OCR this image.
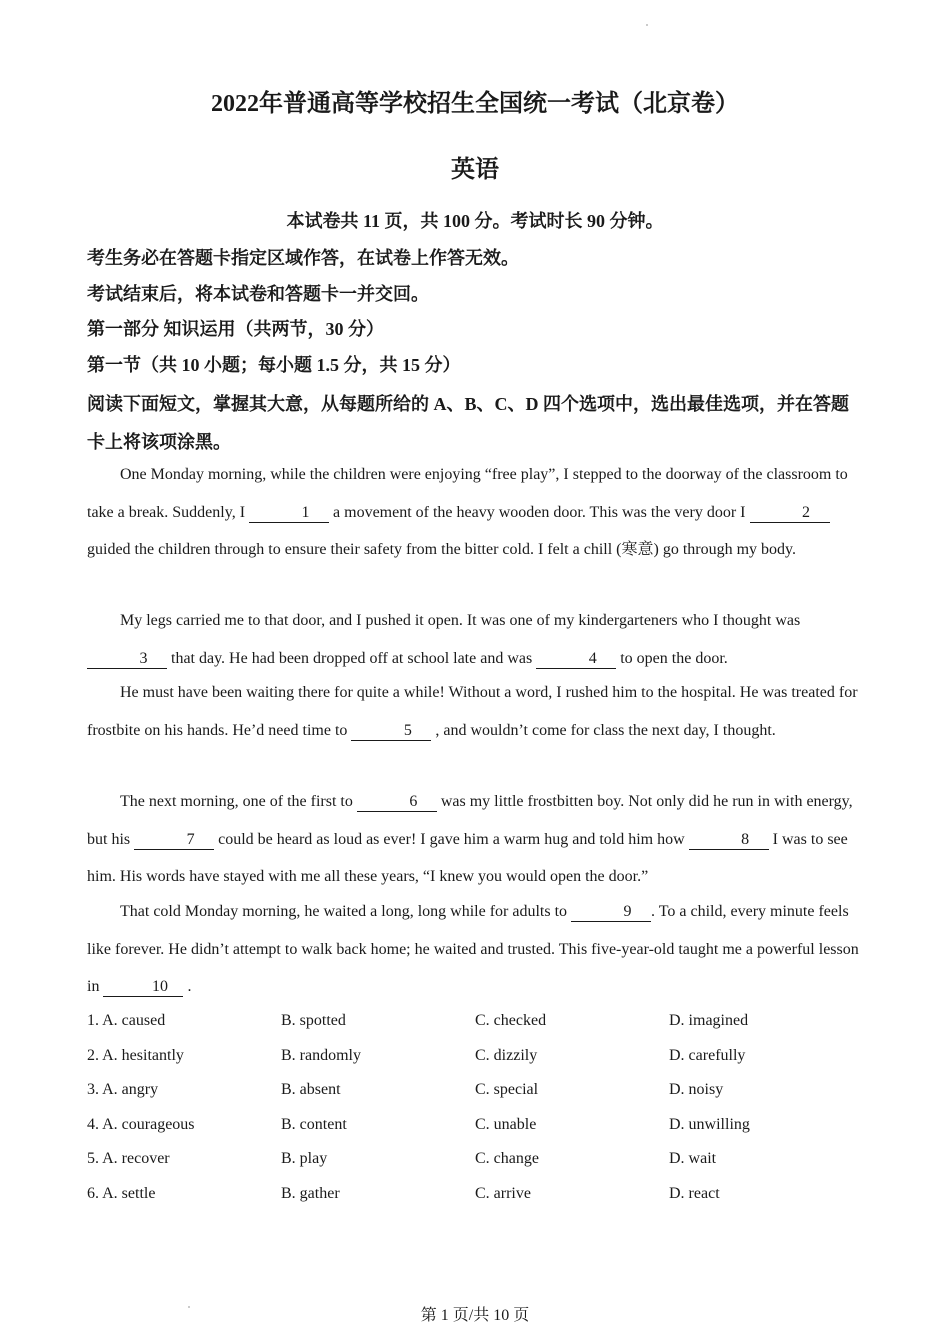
2022年普通高等学校招生全国统一考试（北京卷）
英语
本试卷共 11 页，共 100 分。考试时长 90 分钟。
考生务必在答题卡指定区域作答，在试卷上作答无效。
考试结束后，将本试卷和答题卡一并交回。
第一部分 知识运用（共两节，30 分）
第一节（共 10 小题；每小题 1.5 分，共 15 分）
阅读下面短文，掌握其大意，从每题所给的 A、B、C、D 四个选项中，选出最佳选项，并在答题卡上将该项涂黑。

One Monday morning, while the children were enjoying “free play”, I stepped to the doorway of the classroom to take a break. Suddenly, I	1 a movement of the heavy wooden door. This was the very door I	2 guided the children through to ensure their safety from the bitter cold. I felt a chill (寒意) go through my body.

My legs carried me to that door, and I pushed it open. It was one of my kindergarteners who I thought was 3 that day. He had been dropped off at school late and was	4 to open the door.

He must have been waiting there for quite a while! Without a word, I rushed him to the hospital. He was treated for frostbite on his hands. He’d need time to	5 , and wouldn’t come for class the next day, I thought.

The next morning, one of the first to	6 was my little frostbitten boy. Not only did he run in with energy, but his	7 could be heard as loud as ever! I gave him a warm hug and told him how	8 I was to see him. His words have stayed with me all these years, “I knew you would open the door.”

That cold Monday morning, he waited a long, long while for adults to	9 . To a child, every minute feels like forever. He didn’t attempt to walk back home; he waited and trusted. This five-year-old taught me a powerful lesson in	10 .

1. A. caused	B. spotted	C. checked	D. imagined
2. A. hesitantly	B. randomly	C. dizzily	D. carefully
3. A. angry	B. absent	C. special	D. noisy
4. A. courageous	B. content	C. unable	D. unwilling
5. A. recover	B. play	C. change	D. wait
6. A. settle	B. gather	C. arrive	D. react
第 1 页/共 10 页
